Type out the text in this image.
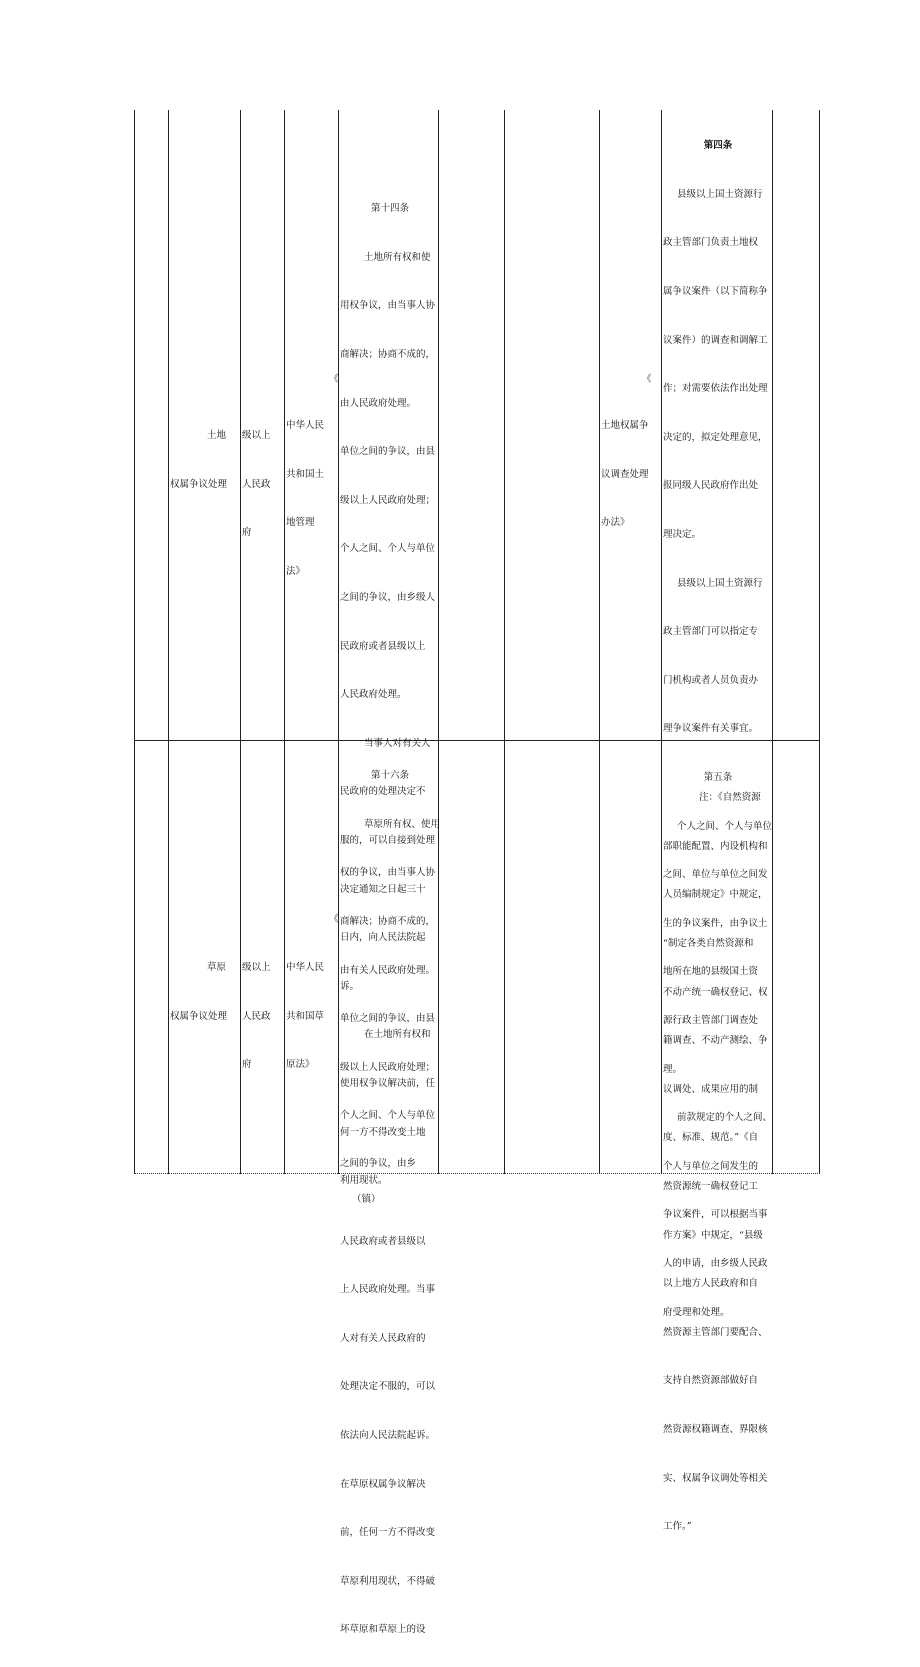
土地

权属争议处理

级以上

人民政

府

《

中华人民

共和国土

地管理

法》

第十四条

土地所有权和使

用权争议，由当事人协

商解决；协商不成的，

由人民政府处理。

单位之间的争议，由县

级以上人民政府处理；

个人之间、个人与单位

之间的争议，由乡级人

民政府或者县级以上

人民政府处理。

当事人对有关人

民政府的处理决定不

服的，可以自接到处理

决定通知之日起三十

日内，向人民法院起

诉。

在土地所有权和

使用权争议解决前，任

何一方不得改变土地

利用现状。

《

土地权属争

议调查处理

办法》

第四条

县级以上国土资源行

政主管部门负责土地权

属争议案件（以下简称争

议案件）的调查和调解工

作；对需要依法作出处理

决定的，拟定处理意见，

报同级人民政府作出处

理决定。

县级以上国土资源行

政主管部门可以指定专

门机构或者人员负责办

理争议案件有关事宜。

第五条

个人之间、个人与单位

之间、单位与单位之间发

生的争议案件，由争议土

地所在地的县级国土资

源行政主管部门调查处

理。

前款规定的个人之间、

个人与单位之间发生的

争议案件，可以根据当事

人的申请，由乡级人民政

府受理和处理。

草原

权属争议处理

级以上

人民政

府

《

中华人民

共和国草

原法》

第十六条

草原所有权、使用

权的争议，由当事人协

商解决；协商不成的，

由有关人民政府处理。

单位之间的争议，由县

级以上人民政府处理；

个人之间、个人与单位

之间的争议，由乡

（镇）

人民政府或者县级以

上人民政府处理。当事

人对有关人民政府的

处理决定不服的，可以

依法向人民法院起诉。

在草原权属争议解决

前，任何一方不得改变

草原利用现状，不得破

坏草原和草原上的设

注：《自然资源

部职能配置、内设机构和

人员编制规定》中规定，

“制定各类自然资源和

不动产统一确权登记、权

籍调查、不动产测绘、争

议调处、成果应用的制

度、标准、规范。”《自

然资源统一确权登记工

作方案》中规定，“县级

以上地方人民政府和自

然资源主管部门要配合、

支持自然资源部做好自

然资源权籍调查、界限核

实、权属争议调处等相关

工作。”
